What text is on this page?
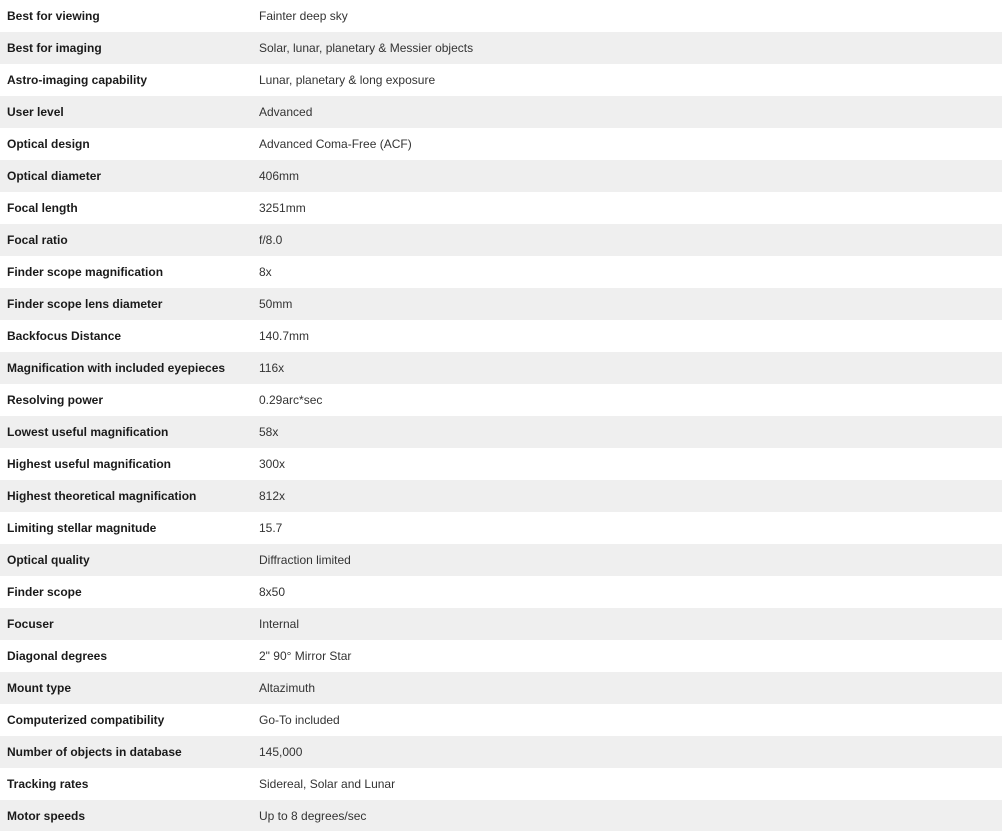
Best for viewing	Fainter deep sky
Best for imaging	Solar, lunar, planetary & Messier objects
Astro-imaging capability	Lunar, planetary & long exposure
User level	Advanced
Optical design	Advanced Coma-Free (ACF)
Optical diameter	406mm
Focal length	3251mm
Focal ratio	f/8.0
Finder scope magnification	8x
Finder scope lens diameter	50mm
Backfocus Distance	140.7mm
Magnification with included eyepieces	116x
Resolving power	0.29arc*sec
Lowest useful magnification	58x
Highest useful magnification	300x
Highest theoretical magnification	812x
Limiting stellar magnitude	15.7
Optical quality	Diffraction limited
Finder scope	8x50
Focuser	Internal
Diagonal degrees	2" 90° Mirror Star
Mount type	Altazimuth
Computerized compatibility	Go-To included
Number of objects in database	145,000
Tracking rates	Sidereal, Solar and Lunar
Motor speeds	Up to 8 degrees/sec
